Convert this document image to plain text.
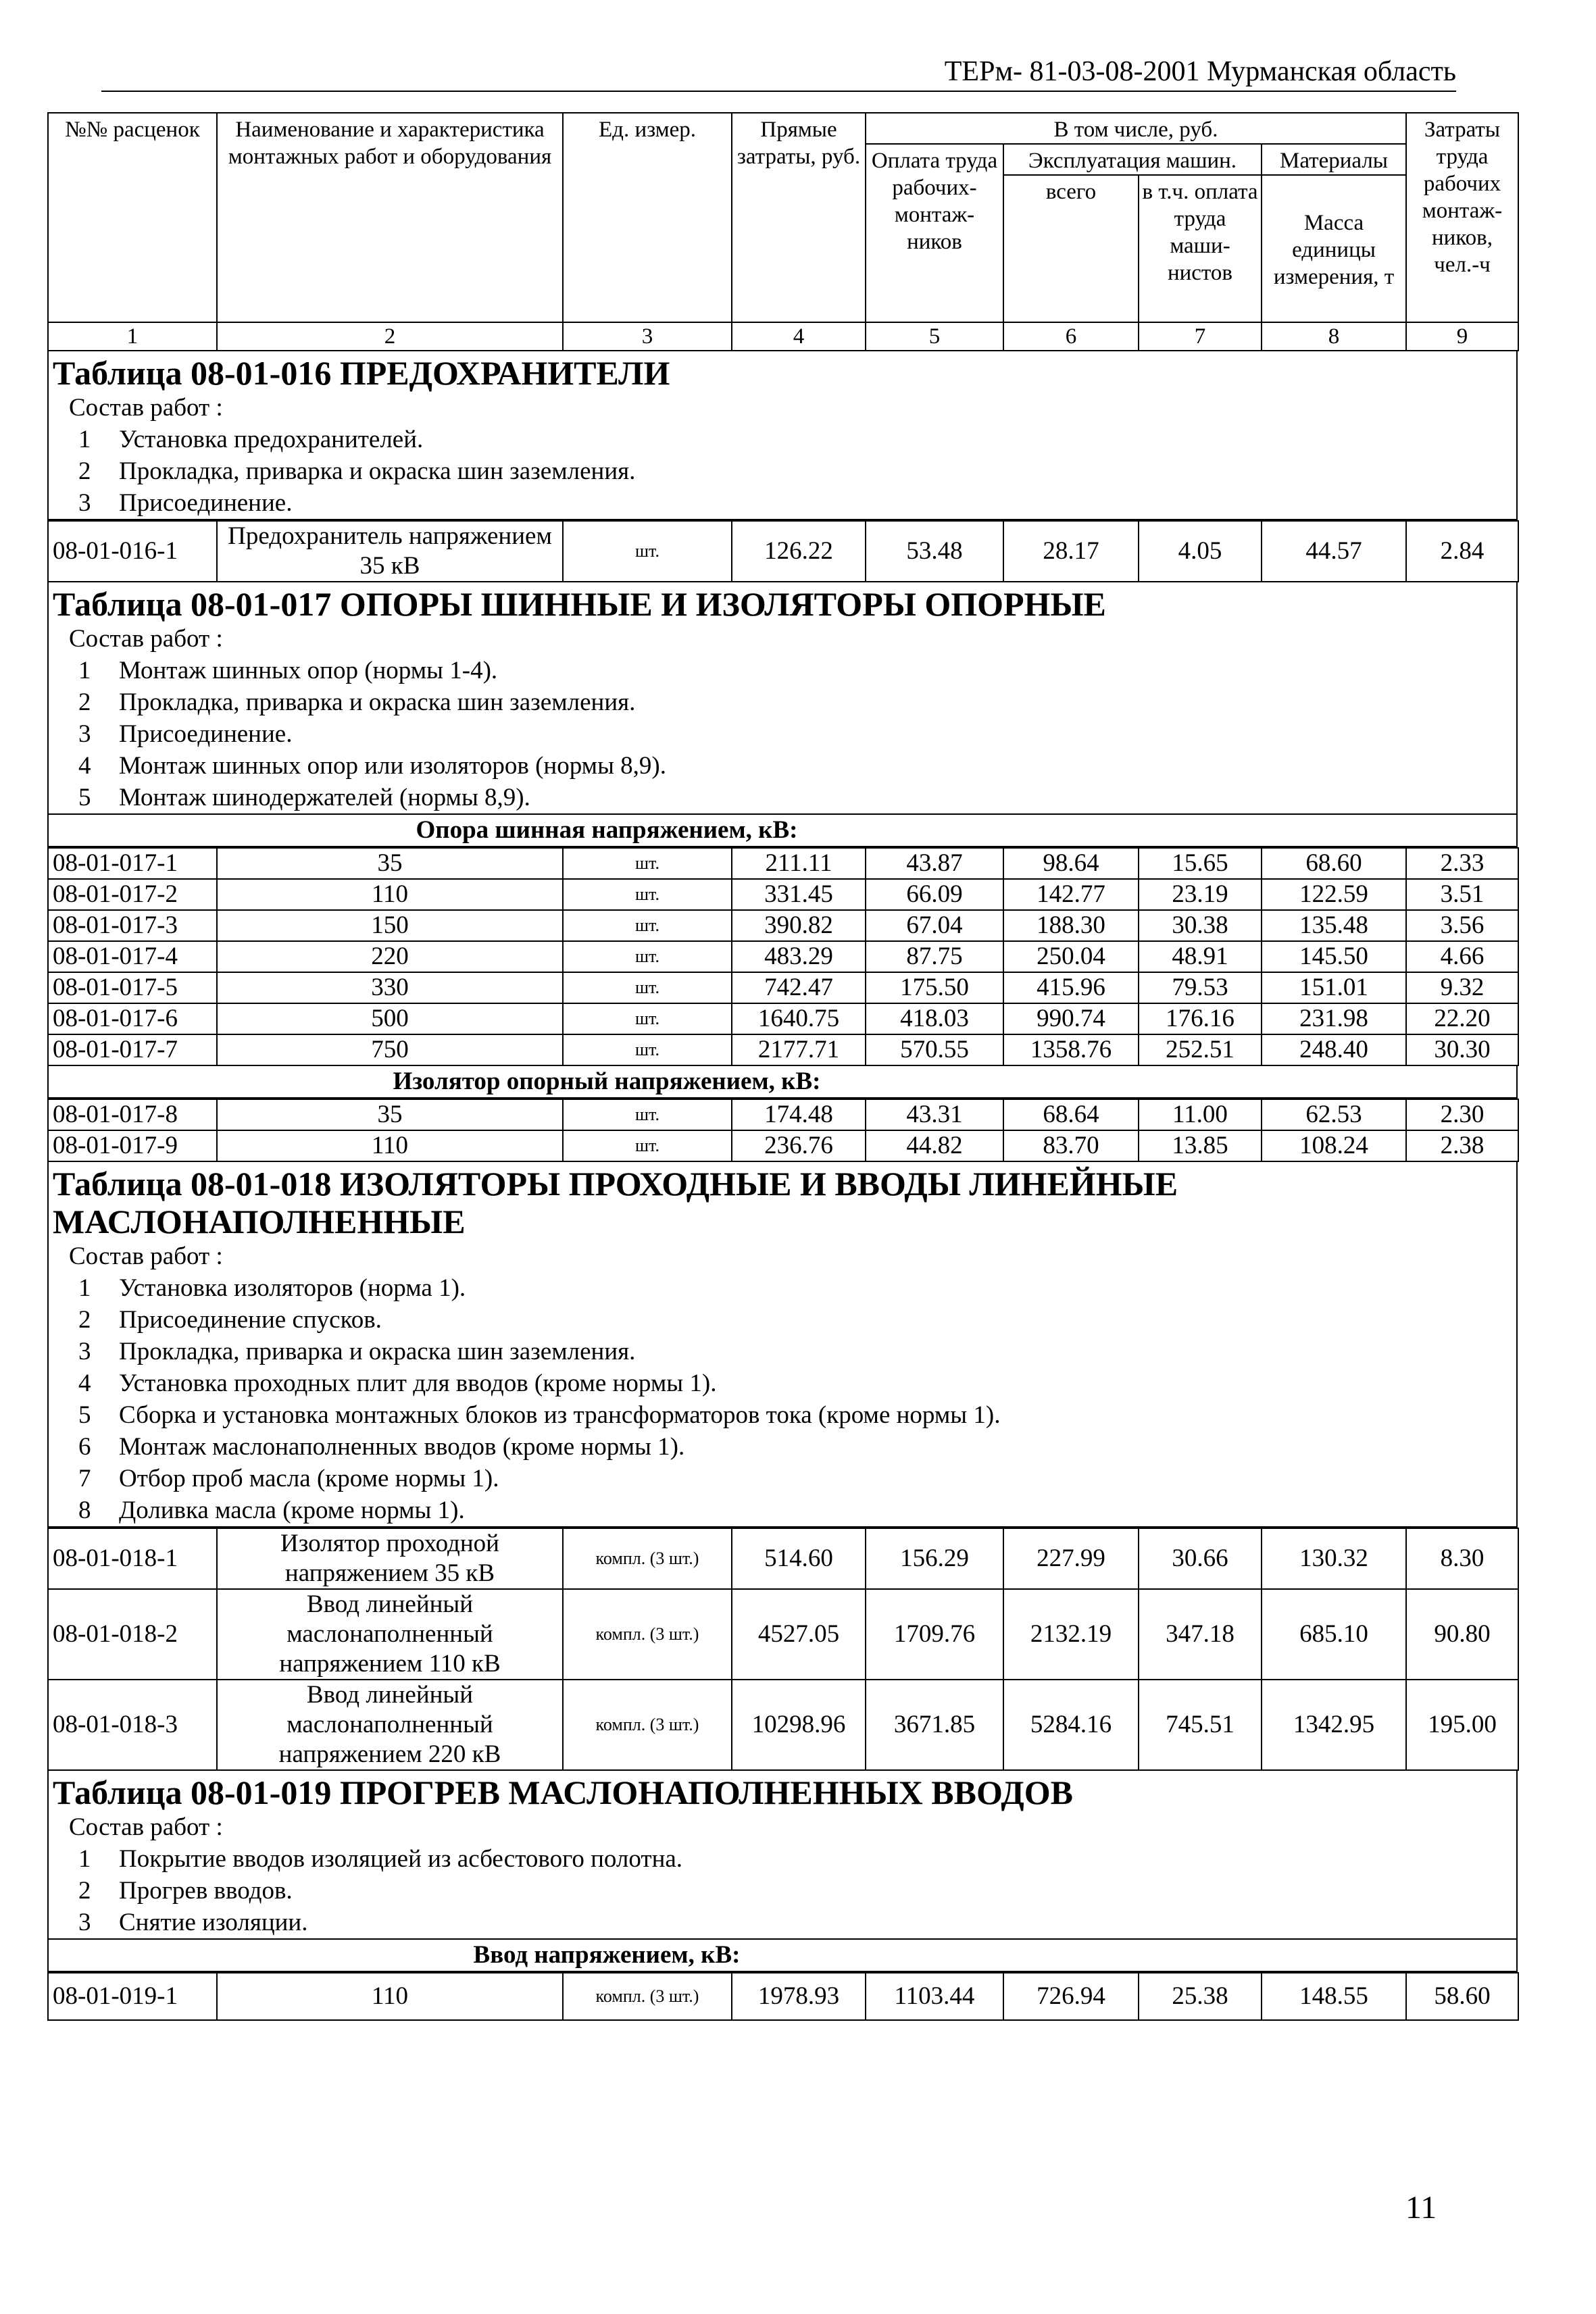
ТЕРм- 81-03-08-2001 Мурманская область
№№ расценок	Наименование и характеристика монтажных работ и оборудования	Ед. измер.	Прямые затраты, руб.	В том числе, руб.				Затраты труда рабочих монтаж-ников, чел.-ч
				Оплата труда рабочих-монтаж-ников	Эксплуатация машин.		Материалы	
					всего	в т.ч. оплата труда маши-нистов	Масса единицы измерения, т	
1	2	3	4	5	6	7	8	9
Таблица 08-01-016 ПРЕДОХРАНИТЕЛИ
Состав работ :
1	Установка предохранителей.
2	Прокладка, приварка и окраска шин заземления.
3	Присоединение.
08-01-016-1	Предохранитель напряжением 35 кВ	шт.	126.22	53.48	28.17	4.05	44.57	2.84
Таблица 08-01-017 ОПОРЫ ШИННЫЕ И ИЗОЛЯТОРЫ ОПОРНЫЕ
Состав работ :
1	Монтаж шинных опор (нормы 1-4).
2	Прокладка, приварка и окраска шин заземления.
3	Присоединение.
4	Монтаж шинных опор или изоляторов (нормы 8,9).
5	Монтаж шинодержателей (нормы 8,9).
Опора шинная напряжением, кВ:
08-01-017-1	35	шт.	211.11	43.87	98.64	15.65	68.60	2.33
08-01-017-2	110	шт.	331.45	66.09	142.77	23.19	122.59	3.51
08-01-017-3	150	шт.	390.82	67.04	188.30	30.38	135.48	3.56
08-01-017-4	220	шт.	483.29	87.75	250.04	48.91	145.50	4.66
08-01-017-5	330	шт.	742.47	175.50	415.96	79.53	151.01	9.32
08-01-017-6	500	шт.	1640.75	418.03	990.74	176.16	231.98	22.20
08-01-017-7	750	шт.	2177.71	570.55	1358.76	252.51	248.40	30.30
Изолятор опорный напряжением, кВ:
08-01-017-8	35	шт.	174.48	43.31	68.64	11.00	62.53	2.30
08-01-017-9	110	шт.	236.76	44.82	83.70	13.85	108.24	2.38
Таблица 08-01-018 ИЗОЛЯТОРЫ ПРОХОДНЫЕ И ВВОДЫ ЛИНЕЙНЫЕ
МАСЛОНАПОЛНЕННЫЕ
Состав работ :
1	Установка изоляторов (норма 1).
2	Присоединение спусков.
3	Прокладка, приварка и окраска шин заземления.
4	Установка проходных плит для вводов (кроме нормы 1).
5	Сборка и установка монтажных блоков из трансформаторов тока (кроме нормы 1).
6	Монтаж маслонаполненных вводов (кроме нормы 1).
7	Отбор проб масла (кроме нормы 1).
8	Доливка масла (кроме нормы 1).
08-01-018-1	Изолятор проходной напряжением 35 кВ	компл. (3 шт.)	514.60	156.29	227.99	30.66	130.32	8.30
08-01-018-2	Ввод линейный маслонаполненный напряжением 110 кВ	компл. (3 шт.)	4527.05	1709.76	2132.19	347.18	685.10	90.80
08-01-018-3	Ввод линейный маслонаполненный напряжением 220 кВ	компл. (3 шт.)	10298.96	3671.85	5284.16	745.51	1342.95	195.00
Таблица 08-01-019 ПРОГРЕВ МАСЛОНАПОЛНЕННЫХ ВВОДОВ
Состав работ :
1	Покрытие вводов изоляцией из асбестового полотна.
2	Прогрев вводов.
3	Снятие изоляции.
Ввод напряжением, кВ:
08-01-019-1	110	компл. (3 шт.)	1978.93	1103.44	726.94	25.38	148.55	58.60
11
